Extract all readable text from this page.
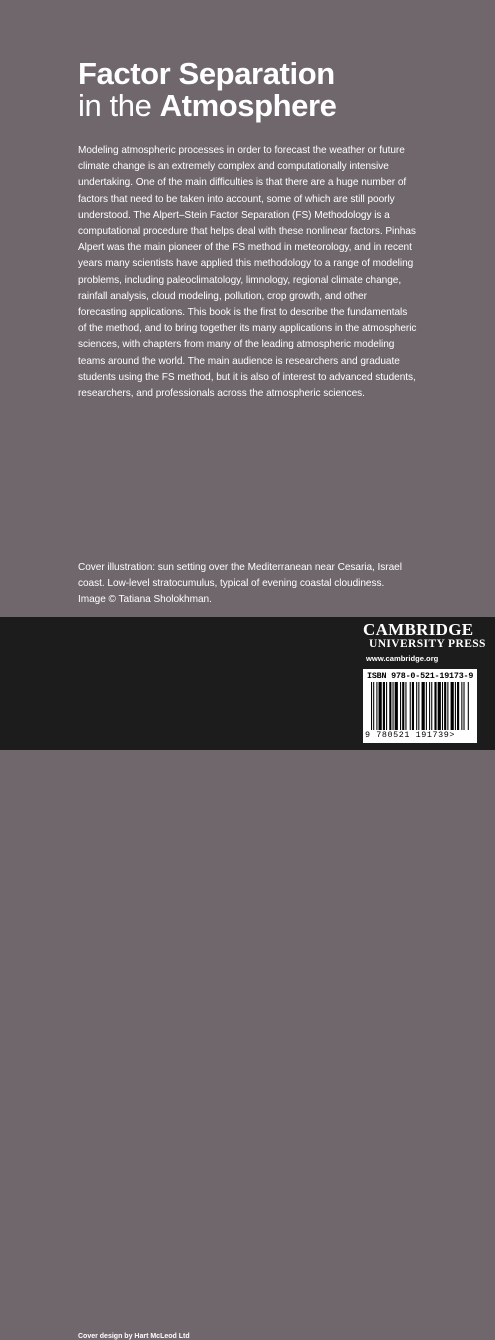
Factor Separation
in the Atmosphere

Modeling atmospheric processes in order to forecast the weather or future climate change is an extremely complex and computationally intensive undertaking. One of the main difficulties is that there are a huge number of factors that need to be taken into account, some of which are still poorly understood. The Alpert–Stein Factor Separation (FS) Methodology is a computational procedure that helps deal with these nonlinear factors. Pinhas Alpert was the main pioneer of the FS method in meteorology, and in recent years many scientists have applied this methodology to a range of modeling problems, including paleoclimatology, limnology, regional climate change, rainfall analysis, cloud modeling, pollution, crop growth, and other forecasting applications. This book is the first to describe the fundamentals of the method, and to bring together its many applications in the atmospheric sciences, with chapters from many of the leading atmospheric modeling teams around the world. The main audience is researchers and graduate students using the FS method, but it is also of interest to advanced students, researchers, and professionals across the atmospheric sciences.

Cover illustration: sun setting over the Mediterranean near Cesaria, Israel coast. Low-level stratocumulus, typical of evening coastal cloudiness. Image © Tatiana Sholokhman.

CAMBRIDGE
UNIVERSITY PRESS
www.cambridge.org
ISBN 978-0-521-19173-9
9 780521 191739>
Cover design by Hart McLeod Ltd
